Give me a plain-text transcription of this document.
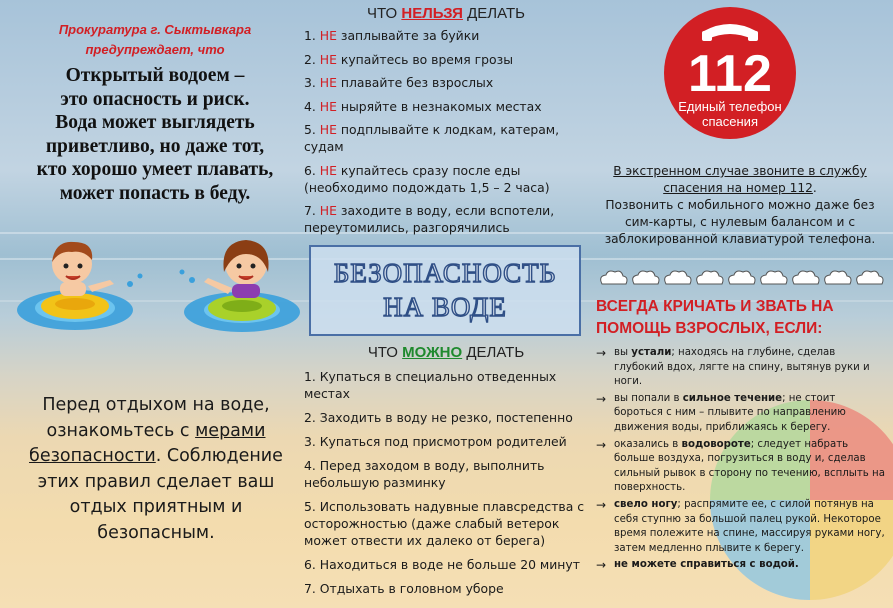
Прокуратура г. Сыктывкара
предупреждает, что
Открытый водоем –
это опасность и риск.
Вода может выглядеть
приветливо, но даже тот,
кто хорошо умеет плавать,
может попасть в беду.
Перед отдыхом на воде,
ознакомьтесь с мерами
безопасности. Соблюдение
этих правил сделает ваш
отдых приятным и
безопасным.
ЧТО НЕЛЬЗЯ ДЕЛАТЬ
1. НЕ заплывайте за буйки
2. НЕ купайтесь во время грозы
3. НЕ плавайте без взрослых
4. НЕ ныряйте в незнакомых местах
5. НЕ подплывайте к лодкам, катерам, судам
6. НЕ купайтесь сразу после еды (необходимо подождать 1,5 – 2 часа)
7. НЕ заходите в воду, если вспотели, переутомились, разгорячились
БЕЗОПАСНОСТЬ
НА ВОДЕ
ЧТО МОЖНО ДЕЛАТЬ
1. Купаться в специально отведенных местах
2. Заходить в воду не резко, постепенно
3. Купаться под присмотром родителей
4. Перед заходом в воду, выполнить небольшую разминку
5. Использовать надувные плавсредства с осторожностью (даже слабый ветерок может отвести их далеко от берега)
6. Находиться в воде не больше 20 минут
7. Отдыхать в головном уборе
112
Единый телефон
спасения
В экстренном случае звоните в службу
спасения на номер 112.
Позвонить с мобильного можно даже без сим-карты, с нулевым балансом и с заблокированной клавиатурой телефона.
ВСЕГДА КРИЧАТЬ И ЗВАТЬ НА
ПОМОЩЬ ВЗРОСЛЫХ, ЕСЛИ:
→ вы устали; находясь на глубине, сделав глубокий вдох, лягте на спину, вытянув руки и ноги.
→ вы попали в сильное течение; не стоит бороться с ним – плывите по направлению движения воды, приближаясь к берегу.
→ оказались в водовороте; следует набрать больше воздуха, погрузиться в воду и, сделав сильный рывок в сторону по течению, всплыть на поверхность.
→ свело ногу; распрямите ее, с силой потянув на себя ступню за большой палец рукой. Некоторое время полежите на спине, массируя руками ногу, затем медленно плывите к берегу.
→ не можете справиться с водой.
